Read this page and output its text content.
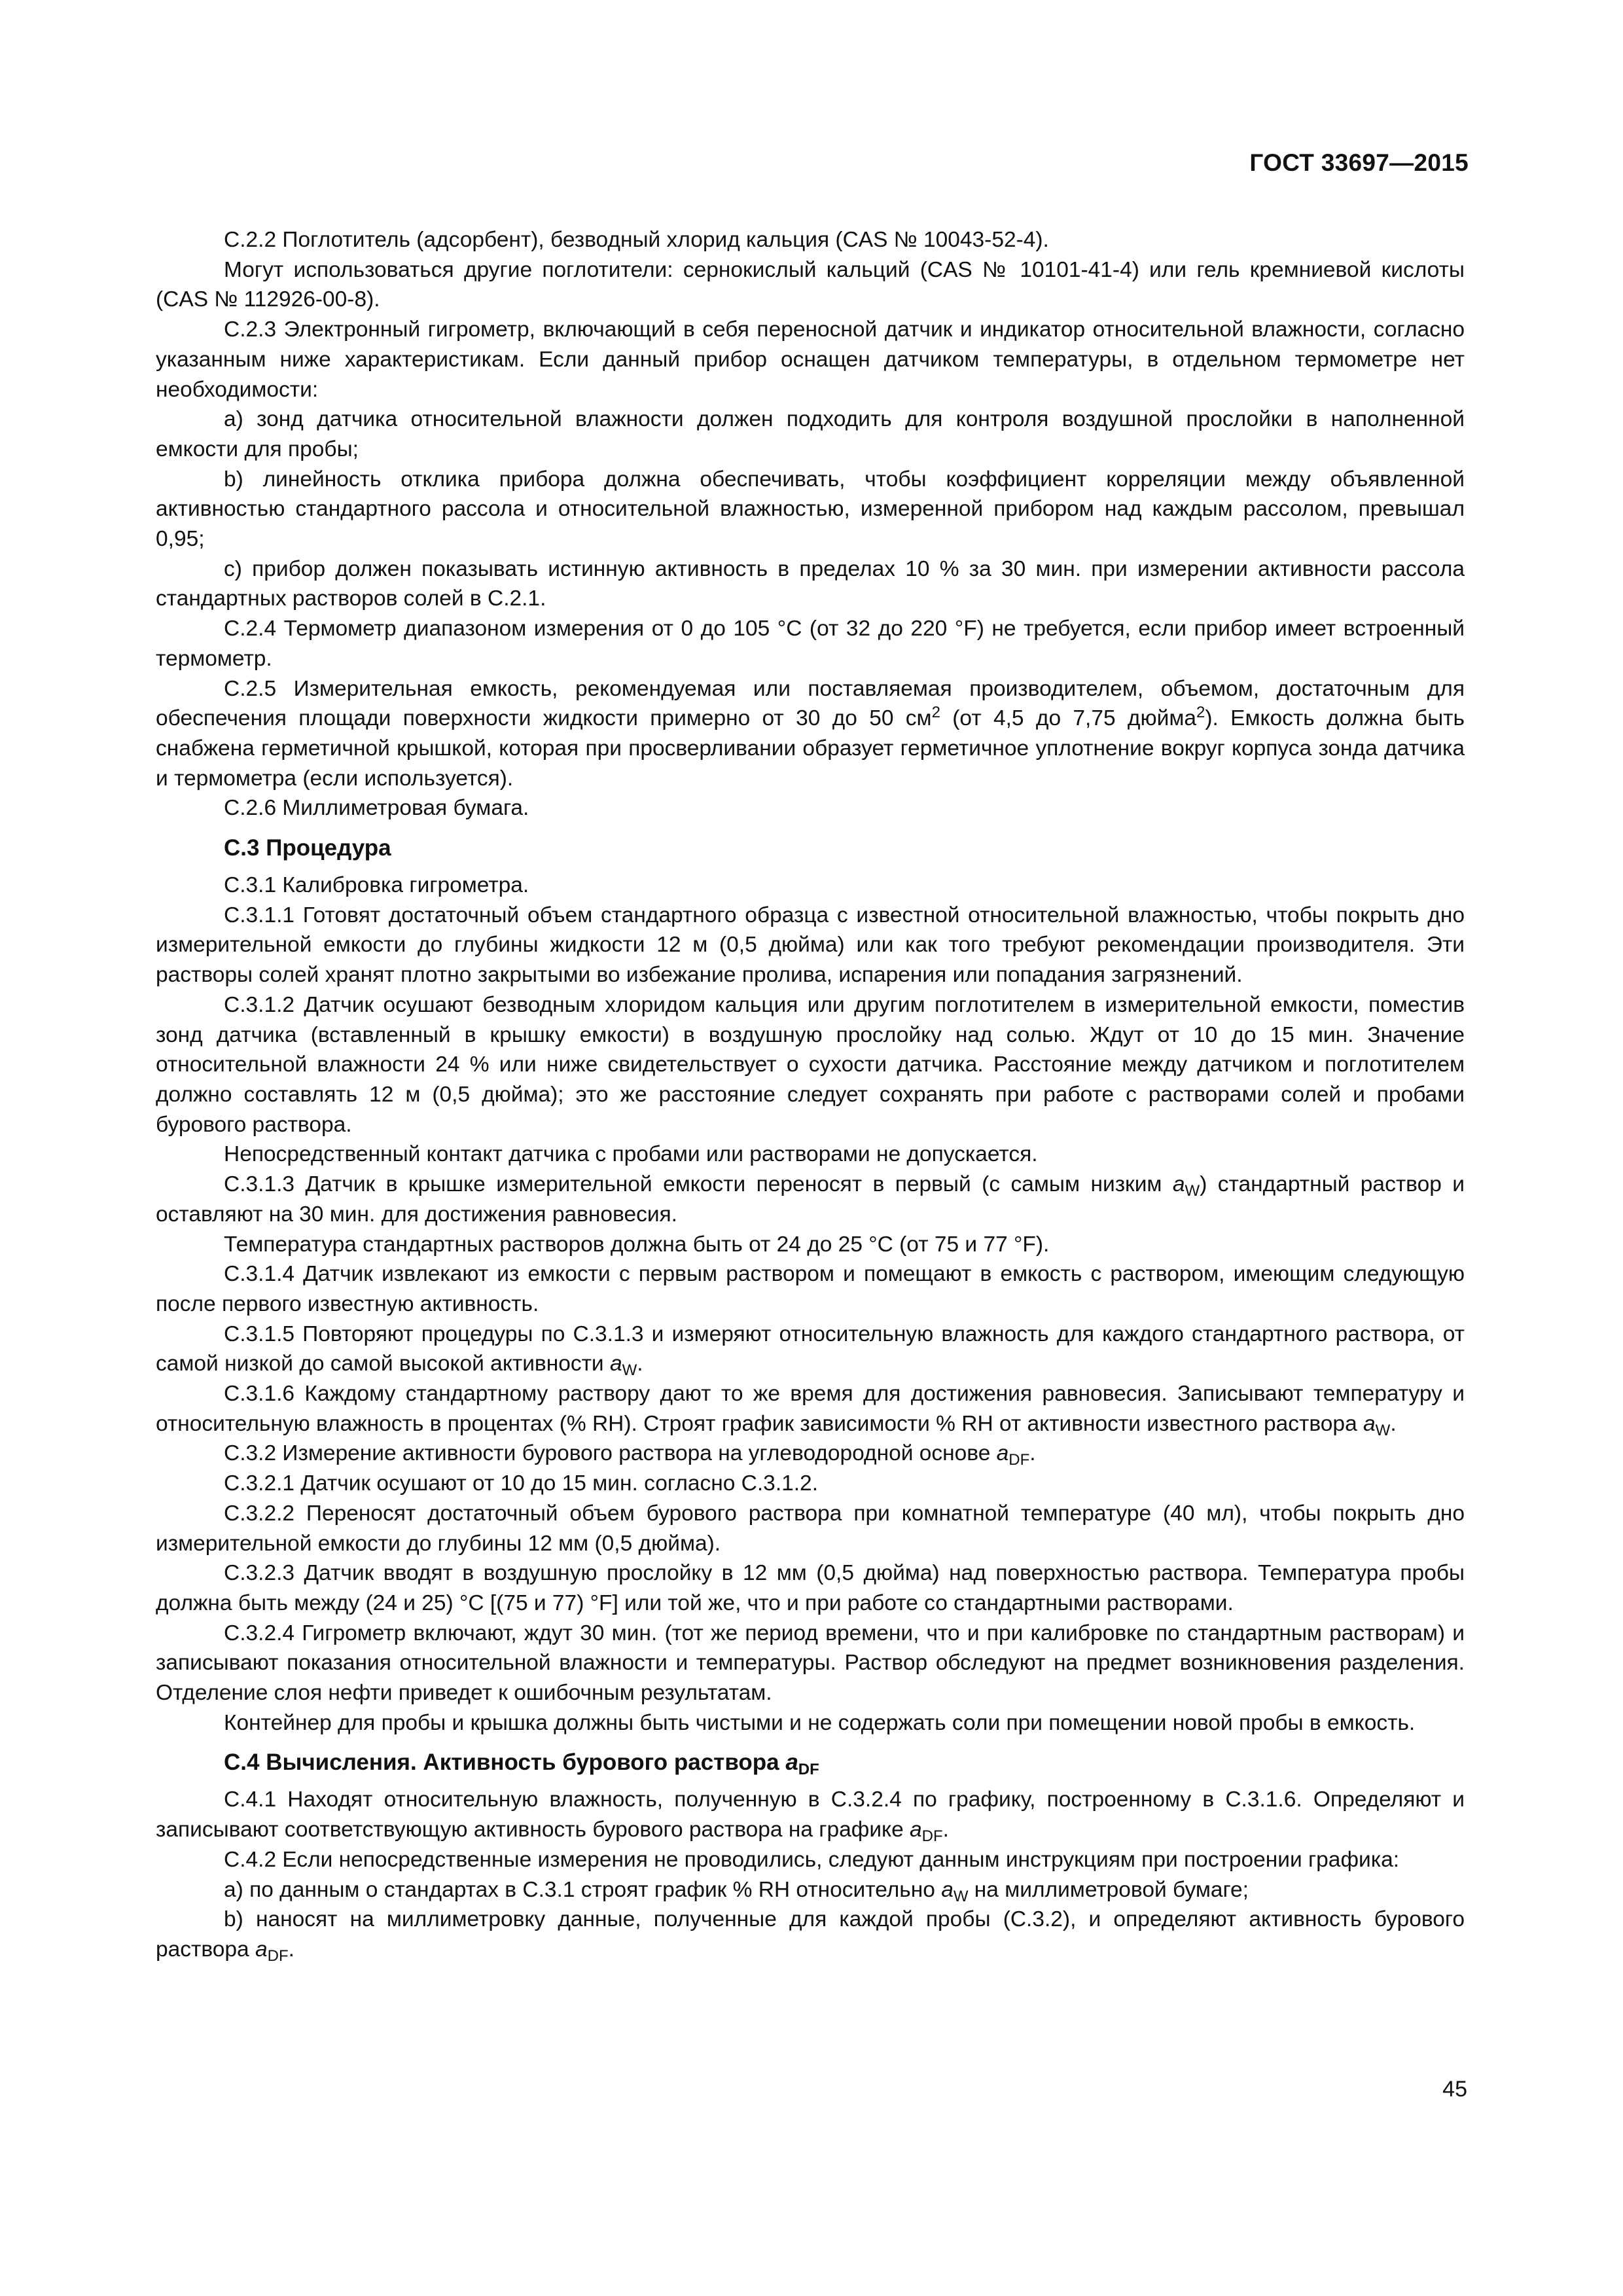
ГОСТ 33697—2015

С.2.2 Поглотитель (адсорбент), безводный хлорид кальция (CAS № 10043-52-4).

Могут использоваться другие поглотители: сернокислый кальций (CAS № 10101-41-4) или гель кремниевой кислоты (CAS № 112926-00-8).

С.2.3 Электронный гигрометр, включающий в себя переносной датчик и индикатор относительной влажности, согласно указанным ниже характеристикам. Если данный прибор оснащен датчиком температуры, в отдельном термометре нет необходимости:

а) зонд датчика относительной влажности должен подходить для контроля воздушной прослойки в наполненной емкости для пробы;

b) линейность отклика прибора должна обеспечивать, чтобы коэффициент корреляции между объявленной активностью стандартного рассола и относительной влажностью, измеренной прибором над каждым рассолом, превышал 0,95;

с) прибор должен показывать истинную активность в пределах 10 % за 30 мин. при измерении активности рассола стандартных растворов солей в С.2.1.

С.2.4 Термометр диапазоном измерения от 0 до 105 °С (от 32 до 220 °F) не требуется, если прибор имеет встроенный термометр.

С.2.5 Измерительная емкость, рекомендуемая или поставляемая производителем, объемом, достаточным для обеспечения площади поверхности жидкости примерно от 30 до 50 $см^2$ (от 4,5 до 7,75 дюйма$^2$). Емкость должна быть снабжена герметичной крышкой, которая при просверливании образует герметичное уплотнение вокруг корпуса зонда датчика и термометра (если используется).

С.2.6 Миллиметровая бумага.

С.3 Процедура

С.3.1 Калибровка гигрометра.

С.3.1.1 Готовят достаточный объем стандартного образца с известной относительной влажностью, чтобы покрыть дно измерительной емкости до глубины жидкости 12 м (0,5 дюйма) или как того требуют рекомендации производителя. Эти растворы солей хранят плотно закрытыми во избежание пролива, испарения или попадания загрязнений.

С.3.1.2 Датчик осушают безводным хлоридом кальция или другим поглотителем в измерительной емкости, поместив зонд датчика (вставленный в крышку емкости) в воздушную прослойку над солью. Ждут от 10 до 15 мин. Значение относительной влажности 24 % или ниже свидетельствует о сухости датчика. Расстояние между датчиком и поглотителем должно составлять 12 м (0,5 дюйма); это же расстояние следует сохранять при работе с растворами солей и пробами бурового раствора.

Непосредственный контакт датчика с пробами или растворами не допускается.

С.3.1.3 Датчик в крышке измерительной емкости переносят в первый (с самым низким $a_W$) стандартный раствор и оставляют на 30 мин. для достижения равновесия.

Температура стандартных растворов должна быть от 24 до 25 °С (от 75 и 77 °F).

С.3.1.4 Датчик извлекают из емкости с первым раствором и помещают в емкость с раствором, имеющим следующую после первого известную активность.

С.3.1.5 Повторяют процедуры по С.3.1.3 и измеряют относительную влажность для каждого стандартного раствора, от самой низкой до самой высокой активности $a_W$.

С.3.1.6 Каждому стандартному раствору дают то же время для достижения равновесия. Записывают температуру и относительную влажность в процентах (% RH). Строят график зависимости % RH от активности известного раствора $a_W$.

С.3.2 Измерение активности бурового раствора на углеводородной основе $a_{DF}$.

С.3.2.1 Датчик осушают от 10 до 15 мин. согласно С.3.1.2.

С.3.2.2 Переносят достаточный объем бурового раствора при комнатной температуре (40 мл), чтобы покрыть дно измерительной емкости до глубины 12 мм (0,5 дюйма).

С.3.2.3 Датчик вводят в воздушную прослойку в 12 мм (0,5 дюйма) над поверхностью раствора. Температура пробы должна быть между (24 и 25) °С [(75 и 77) °F] или той же, что и при работе со стандартными растворами.

С.3.2.4 Гигрометр включают, ждут 30 мин. (тот же период времени, что и при калибровке по стандартным растворам) и записывают показания относительной влажности и температуры. Раствор обследуют на предмет возникновения разделения. Отделение слоя нефти приведет к ошибочным результатам.

Контейнер для пробы и крышка должны быть чистыми и не содержать соли при помещении новой пробы в емкость.

С.4 Вычисления. Активность бурового раствора $a_{DF}$

С.4.1 Находят относительную влажность, полученную в С.3.2.4 по графику, построенному в С.3.1.6. Определяют и записывают соответствующую активность бурового раствора на графике $a_{DF}$.

С.4.2 Если непосредственные измерения не проводились, следуют данным инструкциям при построении графика:

а) по данным о стандартах в С.3.1 строят график % RH относительно $a_W$ на миллиметровой бумаге;

b) наносят на миллиметровку данные, полученные для каждой пробы (С.3.2), и определяют активность бурового раствора $a_{DF}$.

45
